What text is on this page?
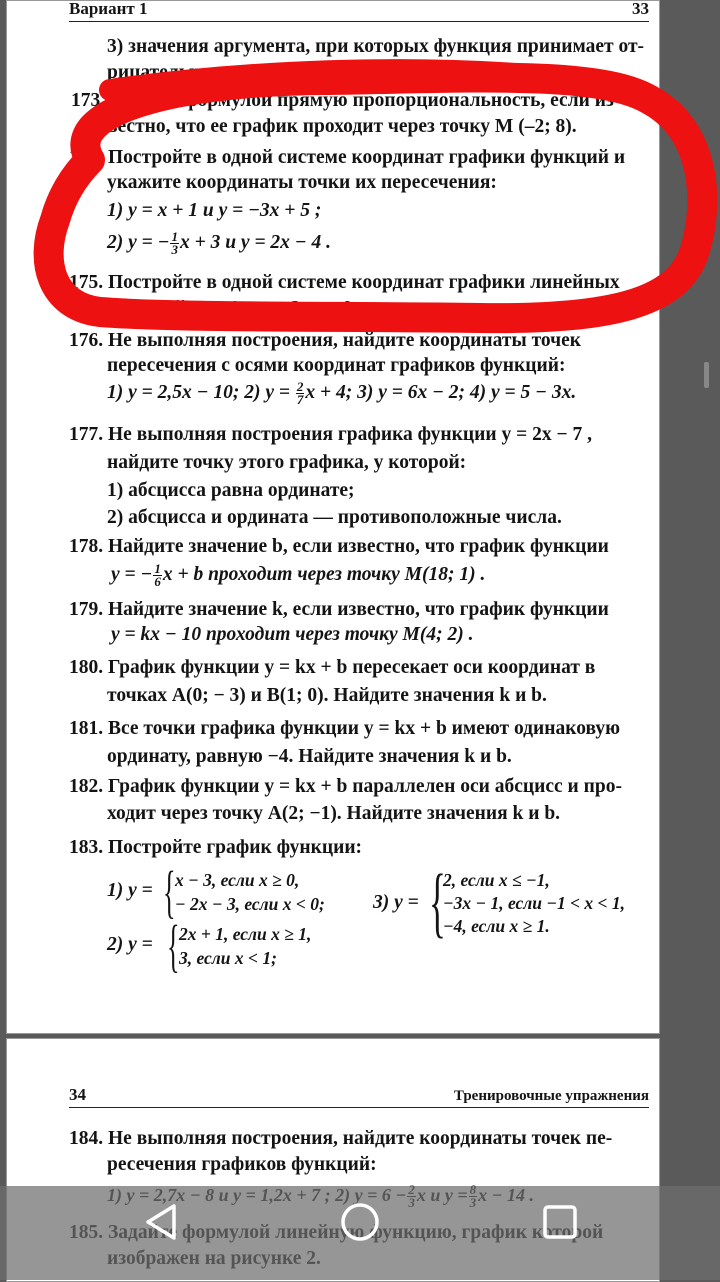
Вариант 1	33
3) значения аргумента, при которых функция принимает от-
рицательные значения.
173. Задайте формулой прямую пропорциональность, если из-
вестно, что ее график проходит через точку М (–2; 8).
174. Постройте в одной системе координат графики функций и
укажите координаты точки их пересечения:
1) y = x + 1 и y = −3x + 5 ;
2) y = − $\frac{1}{3}$ x + 3 и y = 2x − 4 .
175. Постройте в одной системе координат графики линейных
функций: y = 4; y = −3; y = 0.
176. Не выполняя построения, найдите координаты точек
пересечения с осями координат графиков функций:
1) y = 2,5x − 10; 2) $y = \frac{2}{7}$ x + 4; 3) y = 6x − 2; 4) y = 5 − 3x.
177. Не выполняя построения графика функции y = 2x − 7 ,
найдите точку этого графика, у которой:
1) абсцисса равна ординате;
2) абсцисса и ордината — противоположные числа.
178. Найдите значение b, если известно, что график функции
y = − $\frac{1}{6}$ x + b проходит через точку M(18; 1) .
179. Найдите значение k, если известно, что график функции
y = kx − 10 проходит через точку M(4; 2) .
180. График функции y = kx + b пересекает оси координат в
точках A(0; − 3) и B(1; 0). Найдите значения k и b.
181. Все точки графика функции y = kx + b имеют одинаковую
ординату, равную −4. Найдите значения k и b.
182. График функции y = kx + b параллелен оси абсцисс и про-
ходит через точку A(2; −1). Найдите значения k и b.
183. Постройте график функции:
1) y = { x − 3, если x ≥ 0,
− 2x − 3, если x < 0;
2) y = { 2x + 1, если x ≥ 1,
3, если x < 1;
3) y = {
2, если x ≤ −1,
−3x − 1, если −1 < x < 1,
−4, если x ≥ 1.
34	Тренировочные упражнения
184. Не выполняя построения, найдите координаты точек пе-
ресечения графиков функций:
